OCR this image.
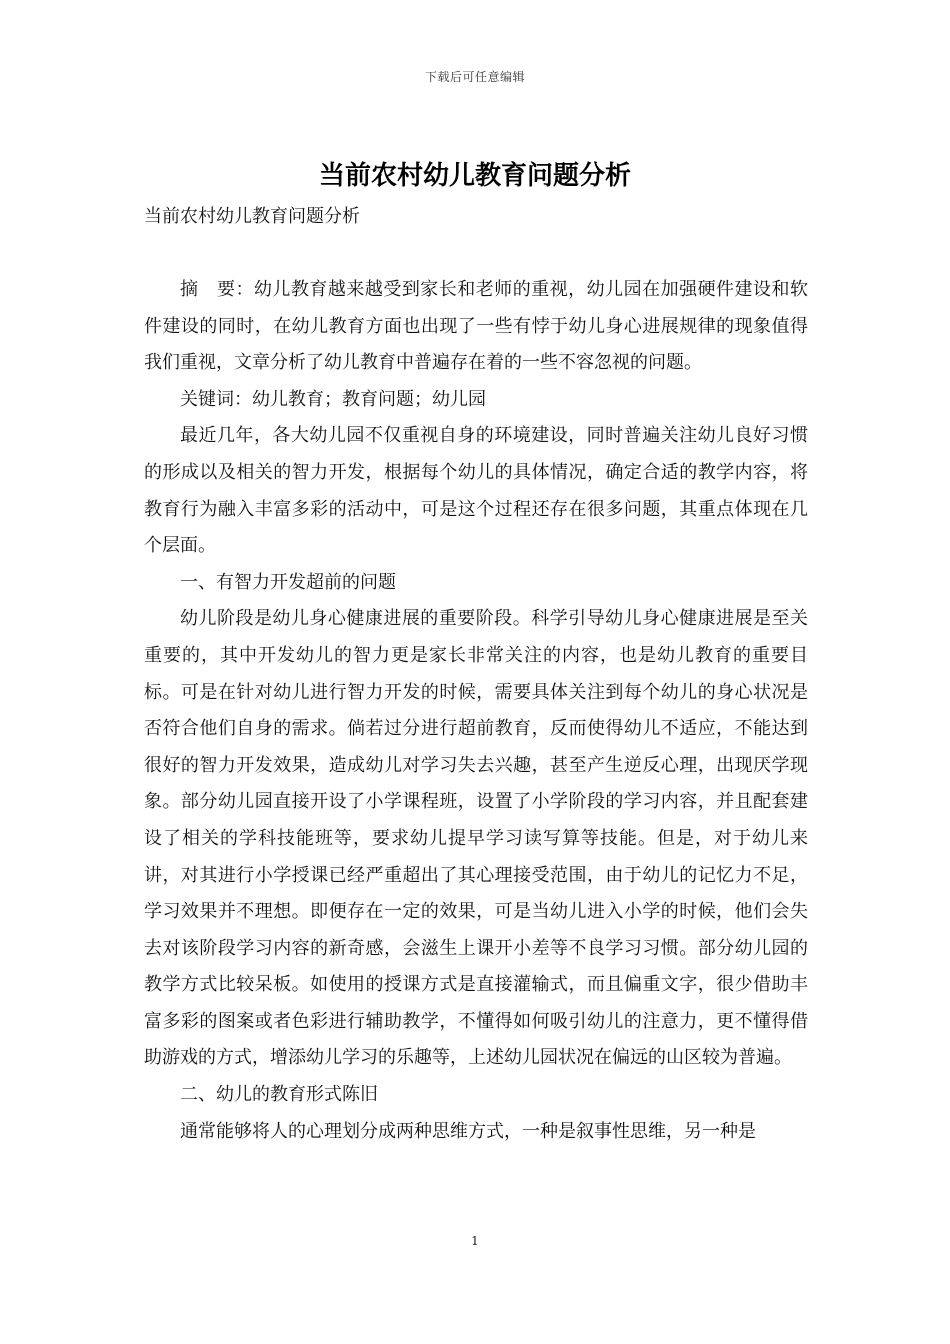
下载后可任意编辑
当前农村幼儿教育问题分析

当前农村幼儿教育问题分析

摘　要：幼儿教育越来越受到家长和老师的重视，幼儿园在加强硬件建设和软件建设的同时，在幼儿教育方面也出现了一些有悖于幼儿身心进展规律的现象值得我们重视，文章分析了幼儿教育中普遍存在着的一些不容忽视的问题。

关键词：幼儿教育；教育问题；幼儿园

最近几年，各大幼儿园不仅重视自身的环境建设，同时普遍关注幼儿良好习惯的形成以及相关的智力开发，根据每个幼儿的具体情况，确定合适的教学内容，将教育行为融入丰富多彩的活动中，可是这个过程还存在很多问题，其重点体现在几个层面。

一、有智力开发超前的问题

幼儿阶段是幼儿身心健康进展的重要阶段。科学引导幼儿身心健康进展是至关重要的，其中开发幼儿的智力更是家长非常关注的内容，也是幼儿教育的重要目标。可是在针对幼儿进行智力开发的时候，需要具体关注到每个幼儿的身心状况是否符合他们自身的需求。倘若过分进行超前教育，反而使得幼儿不适应，不能达到很好的智力开发效果，造成幼儿对学习失去兴趣，甚至产生逆反心理，出现厌学现象。部分幼儿园直接开设了小学课程班，设置了小学阶段的学习内容，并且配套建设了相关的学科技能班等，要求幼儿提早学习读写算等技能。但是，对于幼儿来讲，对其进行小学授课已经严重超出了其心理接受范围，由于幼儿的记忆力不足，学习效果并不理想。即便存在一定的效果，可是当幼儿进入小学的时候，他们会失去对该阶段学习内容的新奇感，会滋生上课开小差等不良学习习惯。部分幼儿园的教学方式比较呆板。如使用的授课方式是直接灌输式，而且偏重文字，很少借助丰富多彩的图案或者色彩进行辅助教学，不懂得如何吸引幼儿的注意力，更不懂得借助游戏的方式，增添幼儿学习的乐趣等，上述幼儿园状况在偏远的山区较为普遍。

二、幼儿的教育形式陈旧

通常能够将人的心理划分成两种思维方式，一种是叙事性思维，另一种是

1
